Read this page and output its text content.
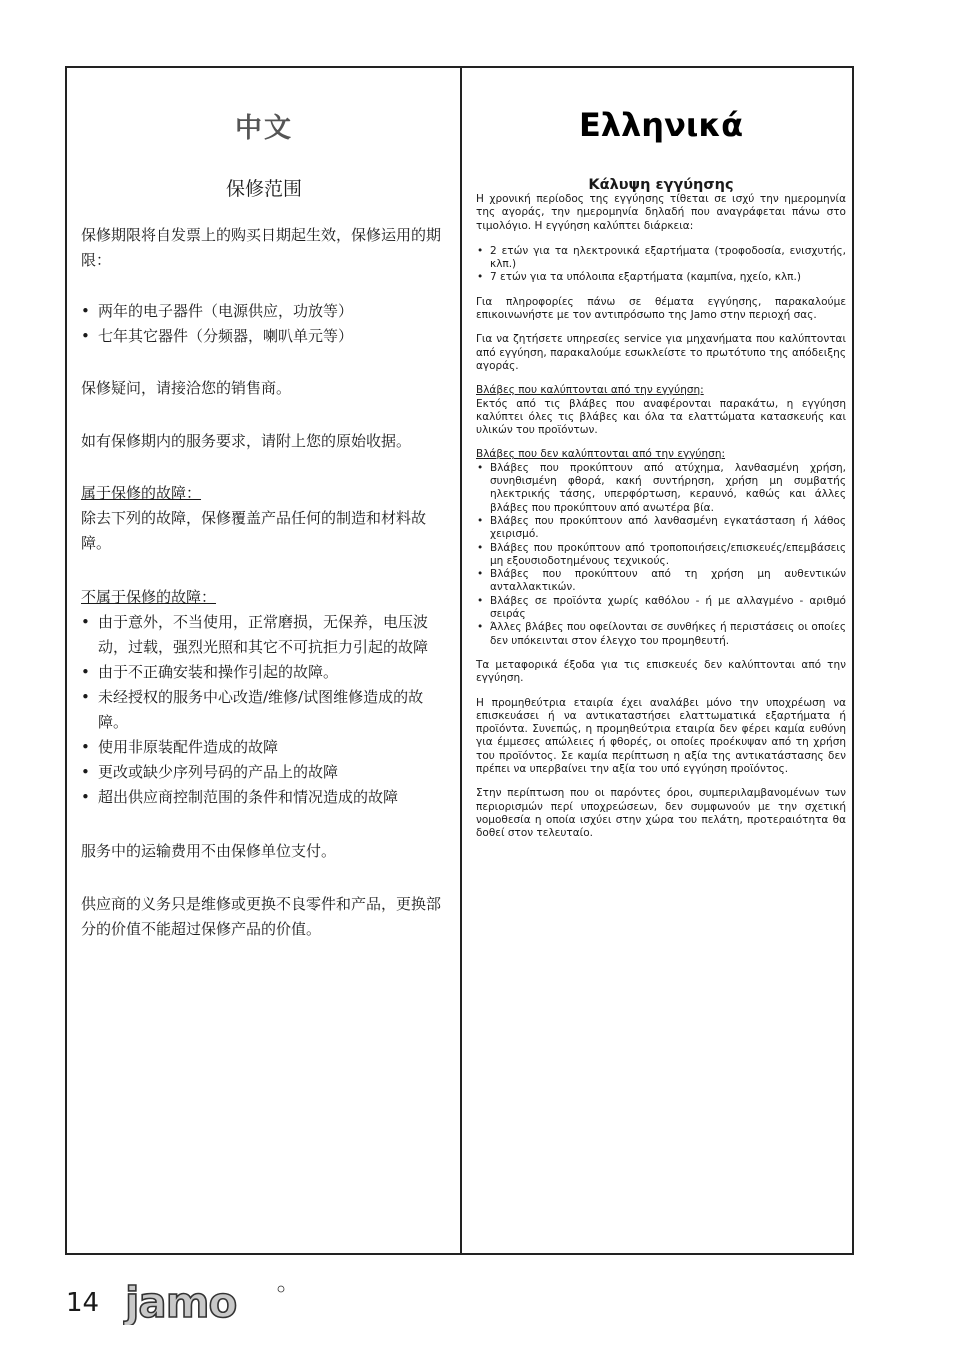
中文
保修范围

保修期限将自发票上的购买日期起生效，保修运用的期限：

• 两年的电子器件（电源供应，功放等）
• 七年其它器件（分频器，喇叭单元等）

保修疑问，请接洽您的销售商。

如有保修期内的服务要求，请附上您的原始收据。

属于保修的故障：

除去下列的故障，保修覆盖产品任何的制造和材料故障。

不属于保修的故障：

• 由于意外，不当使用，正常磨损，无保养，电压波动，过载，强烈光照和其它不可抗拒力引起的故障
• 由于不正确安装和操作引起的故障。
• 未经授权的服务中心改造/维修/试图维修造成的故障。
• 使用非原装配件造成的故障
• 更改或缺少序列号码的产品上的故障
• 超出供应商控制范围的条件和情况造成的故障

服务中的运输费用不由保修单位支付。

供应商的义务只是维修或更换不良零件和产品，更换部分的价值不能超过保修产品的价值。

Ελληνικά
Κάλυψη εγγύησης

Η χρονική περίοδος της εγγύησης τίθεται σε ισχύ την ημερομηνία της αγοράς, την ημερομηνία δηλαδή που αναγράφεται πάνω στο τιμολόγιο. Η εγγύηση καλύπτει διάρκεια:

• 2 ετών για τα ηλεκτρονικά εξαρτήματα (τροφοδοσία, ενισχυτής, κλπ.)
• 7 ετών για τα υπόλοιπα εξαρτήματα (καμπίνα, ηχείο, κλπ.)

Για πληροφορίες πάνω σε θέματα εγγύησης, παρακαλούμε επικοινωνήστε με τον αντιπρόσωπο της Jamo στην περιοχή σας.

Για να ζητήσετε υπηρεσίες service για μηχανήματα που καλύπτονται από εγγύηση, παρακαλούμε εσωκλείστε το πρωτότυπο της απόδειξης αγοράς.

Βλάβες που καλύπτονται από την εγγύηση:

Εκτός από τις βλάβες που αναφέρονται παρακάτω, η εγγύηση καλύπτει όλες τις βλάβες και όλα τα ελαττώματα κατασκευής και υλικών του προϊόντων.

Βλάβες που δεν καλύπτονται από την εγγύηση:

• Βλάβες που προκύπτουν από ατύχημα, λανθασμένη χρήση, συνηθισμένη φθορά, κακή συντήρηση, χρήση μη συμβατής ηλεκτρικής τάσης, υπερφόρτωση, κεραυνό, καθώς και άλλες βλάβες που προκύπτουν από ανωτέρα βία.
• Βλάβες που προκύπτουν από λανθασμένη εγκατάσταση ή λάθος χειρισμό.
• Βλάβες που προκύπτουν από τροποποιήσεις/επισκευές/επεμβάσεις μη εξουσιοδοτημένους τεχνικούς.
• Βλάβες που προκύπτουν από τη χρήση μη αυθεντικών ανταλλακτικών.
• Βλάβες σε προϊόντα χωρίς καθόλου - ή με αλλαγμένο - αριθμό σειράς
• Άλλες βλάβες που οφείλονται σε συνθήκες ή περιστάσεις οι οποίες δεν υπόκεινται στον έλεγχο του προμηθευτή.

Τα μεταφορικά έξοδα για τις επισκευές δεν καλύπτονται από την εγγύηση.

Η προμηθεύτρια εταιρία έχει αναλάβει μόνο την υποχρέωση να επισκευάσει ή να αντικαταστήσει ελαττωματικά εξαρτήματα ή προϊόντα. Συνεπώς, η προμηθεύτρια εταιρία δεν φέρει καμία ευθύνη για έμμεσες απώλειες ή φθορές, οι οποίες προέκυψαν από τη χρήση του προϊόντος. Σε καμία περίπτωση η αξία της αντικατάστασης δεν πρέπει να υπερβαίνει την αξία του υπό εγγύηση προϊόντος.

Στην περίπτωση που οι παρόντες όροι, συμπεριλαμβανομένων των περιορισμών περί υποχρεώσεων, δεν συμφωνούν με την σχετική νομοθεσία η οποία ισχύει στην χώρα του πελάτη, προτεραιότητα θα δοθεί στον τελευταίο.

14 jamo
